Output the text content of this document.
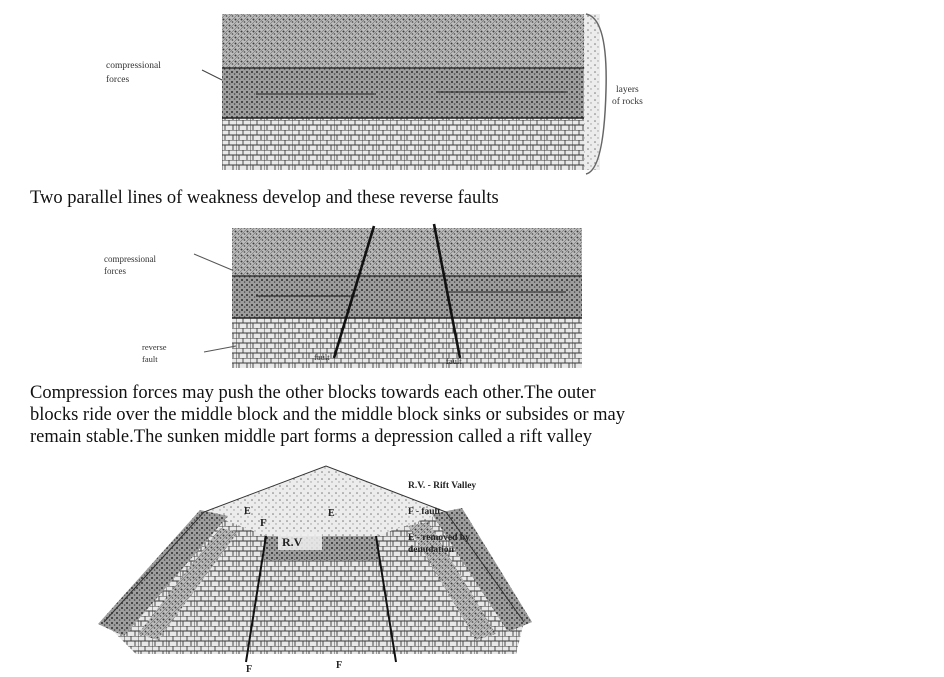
compressional
forces
layers
of rocks

Two parallel lines of weakness develop and these reverse faults

compressional
forces
reverse
fault	fault	fault

Compression forces may push the other blocks towards each other.The outer

blocks ride over the middle block and the middle block sinks or subsides or may

remain stable.The sunken middle part forms a depression called a rift valley

R.V
F
E	E
F	F
R.V. - Rift Valley
F - fault
E - removed by
denudation
